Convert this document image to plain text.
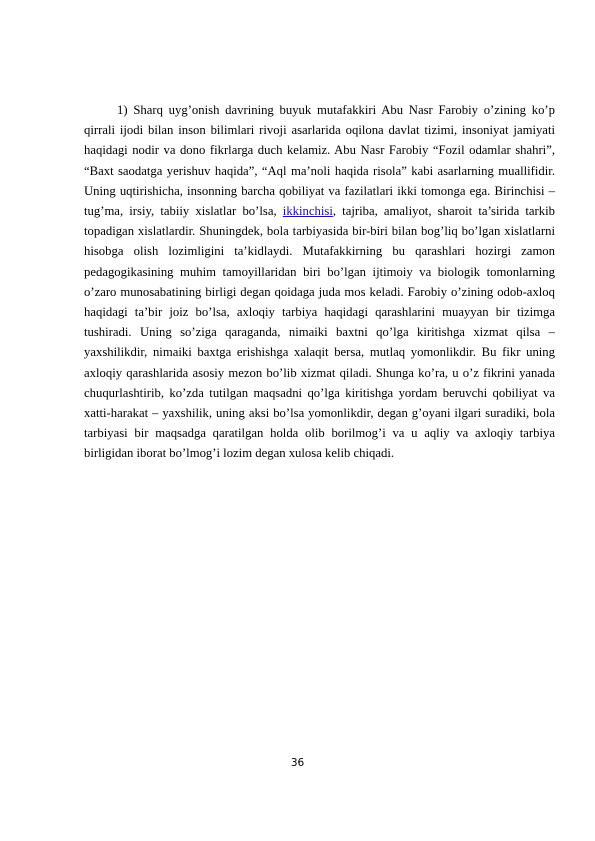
1) Sharq uyg’onish davrining buyuk mutafakkiri Abu Nasr Farobiy o’zining ko’p qirrali ijodi bilan inson bilimlari rivoji asarlarida oqilona davlat tizimi, insoniyat jamiyati haqidagi nodir va dono fikrlarga duch kelamiz. Abu Nasr Farobiy “Fozil odamlar shahri”, “Baxt saodatga yerishuv haqida”, “Aql ma’noli haqida risola” kabi asarlarning muallifidir. Uning uqtirishicha, insonning barcha qobiliyat va fazilatlari ikki tomonga ega. Birinchisi – tug’ma, irsiy, tabiiy xislatlar bo’lsa, ikkinchisi, tajriba, amaliyot, sharoit ta’sirida tarkib topadigan xislatlardir. Shuningdek, bola tarbiyasida bir-biri bilan bog’liq bo’lgan xislatlarni hisobga olish lozimligini ta’kidlaydi. Mutafakkirning bu qarashlari hozirgi zamon pedagogikasining muhim tamoyillaridan biri bo’lgan ijtimoiy va biologik tomonlarning o’zaro munosabatining birligi degan qoidaga juda mos keladi. Farobiy o’zining odob-axloq haqidagi ta’bir joiz bo’lsa, axloqiy tarbiya haqidagi qarashlarini muayyan bir tizimga tushiradi. Uning so’ziga qaraganda, nimaiki baxtni qo’lga kiritishga xizmat qilsa – yaxshilikdir, nimaiki baxtga erishishga xalaqit bersa, mutlaq yomonlikdir. Bu fikr uning axloqiy qarashlarida asosiy mezon bo’lib xizmat qiladi. Shunga ko’ra, u o’z fikrini yanada chuqurlashtirib, ko’zda tutilgan maqsadni qo’lga kiritishga yordam beruvchi qobiliyat va xatti-harakat – yaxshilik, uning aksi bo’lsa yomonlikdir, degan g’oyani ilgari suradiki, bola tarbiyasi bir maqsadga qaratilgan holda olib borilmog’i va u aqliy va axloqiy tarbiya birligidan iborat bo’lmog’i lozim degan xulosa kelib chiqadi.

36
